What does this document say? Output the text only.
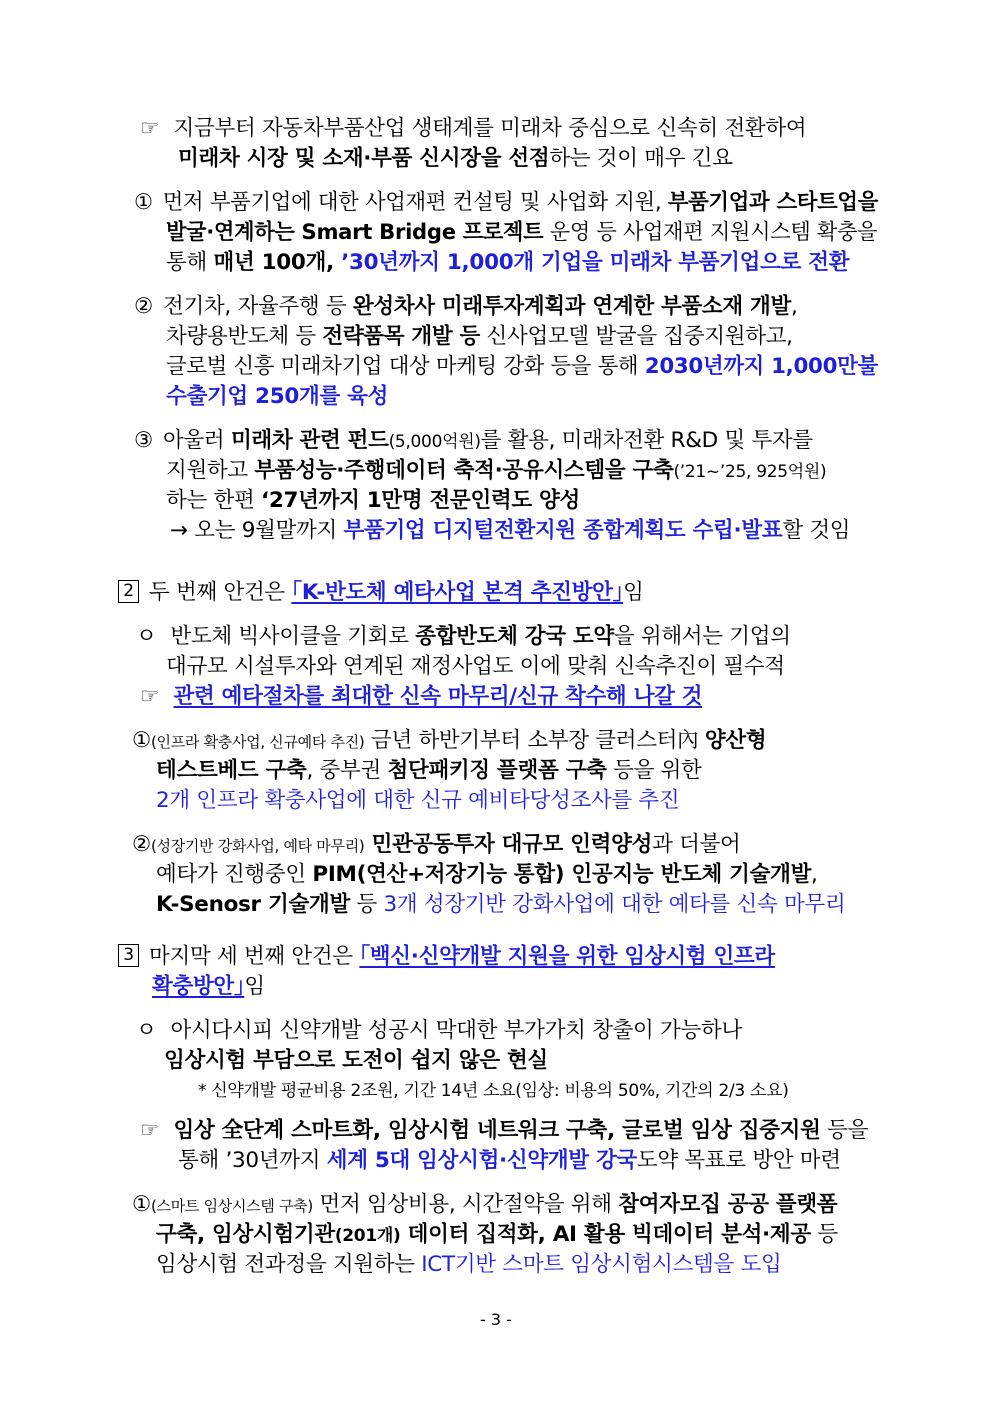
☞ 지금부터 자동차부품산업 생태계를 미래차 중심으로 신속히 전환하여
미래차 시장 및 소재·부품 신시장을 선점하는 것이 매우 긴요
① 먼저 부품기업에 대한 사업재편 컨설팅 및 사업화 지원, 부품기업과 스타트업을
발굴·연계하는 Smart Bridge 프로젝트 운영 등 사업재편 지원시스템 확충을
통해 매년 100개, ’30년까지 1,000개 기업을 미래차 부품기업으로 전환
② 전기차, 자율주행 등 완성차사 미래투자계획과 연계한 부품소재 개발,
차량용반도체 등 전략품목 개발 등 신사업모델 발굴을 집중지원하고,
글로벌 신흥 미래차기업 대상 마케팅 강화 등을 통해 2030년까지 1,000만불
수출기업 250개를 육성
③ 아울러 미래차 관련 펀드(5,000억원)를 활용, 미래차전환 R&D 및 투자를
지원하고 부품성능·주행데이터 축적·공유시스템을 구축(’21~’25, 925억원)
하는 한편 ‘27년까지 1만명 전문인력도 양성
→ 오는 9월말까지 부품기업 디지털전환지원 종합계획도 수립·발표할 것임
2 두 번째 안건은 ｢K-반도체 예타사업 본격 추진방안｣임
ㅇ 반도체 빅사이클을 기회로 종합반도체 강국 도약을 위해서는 기업의
대규모 시설투자와 연계된 재정사업도 이에 맞춰 신속추진이 필수적
☞ 관련 예타절차를 최대한 신속 마무리/신규 착수해 나갈 것
①(인프라 확충사업, 신규예타 추진) 금년 하반기부터 소부장 클러스터內 양산형
테스트베드 구축, 중부권 첨단패키징 플랫폼 구축 등을 위한
2개 인프라 확충사업에 대한 신규 예비타당성조사를 추진
②(성장기반 강화사업, 예타 마무리) 민관공동투자 대규모 인력양성과 더불어
예타가 진행중인 PIM(연산+저장기능 통합) 인공지능 반도체 기술개발,
K-Senosr 기술개발 등 3개 성장기반 강화사업에 대한 예타를 신속 마무리
3 마지막 세 번째 안건은 ｢백신·신약개발 지원을 위한 임상시험 인프라
확충방안｣임
ㅇ 아시다시피 신약개발 성공시 막대한 부가가치 창출이 가능하나
임상시험 부담으로 도전이 쉽지 않은 현실
* 신약개발 평균비용 2조원, 기간 14년 소요(임상: 비용의 50%, 기간의 2/3 소요)
☞ 임상 全단계 스마트화, 임상시험 네트워크 구축, 글로벌 임상 집중지원 등을
통해 ’30년까지 세계 5대 임상시험·신약개발 강국도약 목표로 방안 마련
①(스마트 임상시스템 구축) 먼저 임상비용, 시간절약을 위해 참여자모집 공공 플랫폼
구축, 임상시험기관(201개) 데이터 집적화, AI 활용 빅데이터 분석·제공 등
임상시험 전과정을 지원하는 ICT기반 스마트 임상시험시스템을 도입
- 3 -
